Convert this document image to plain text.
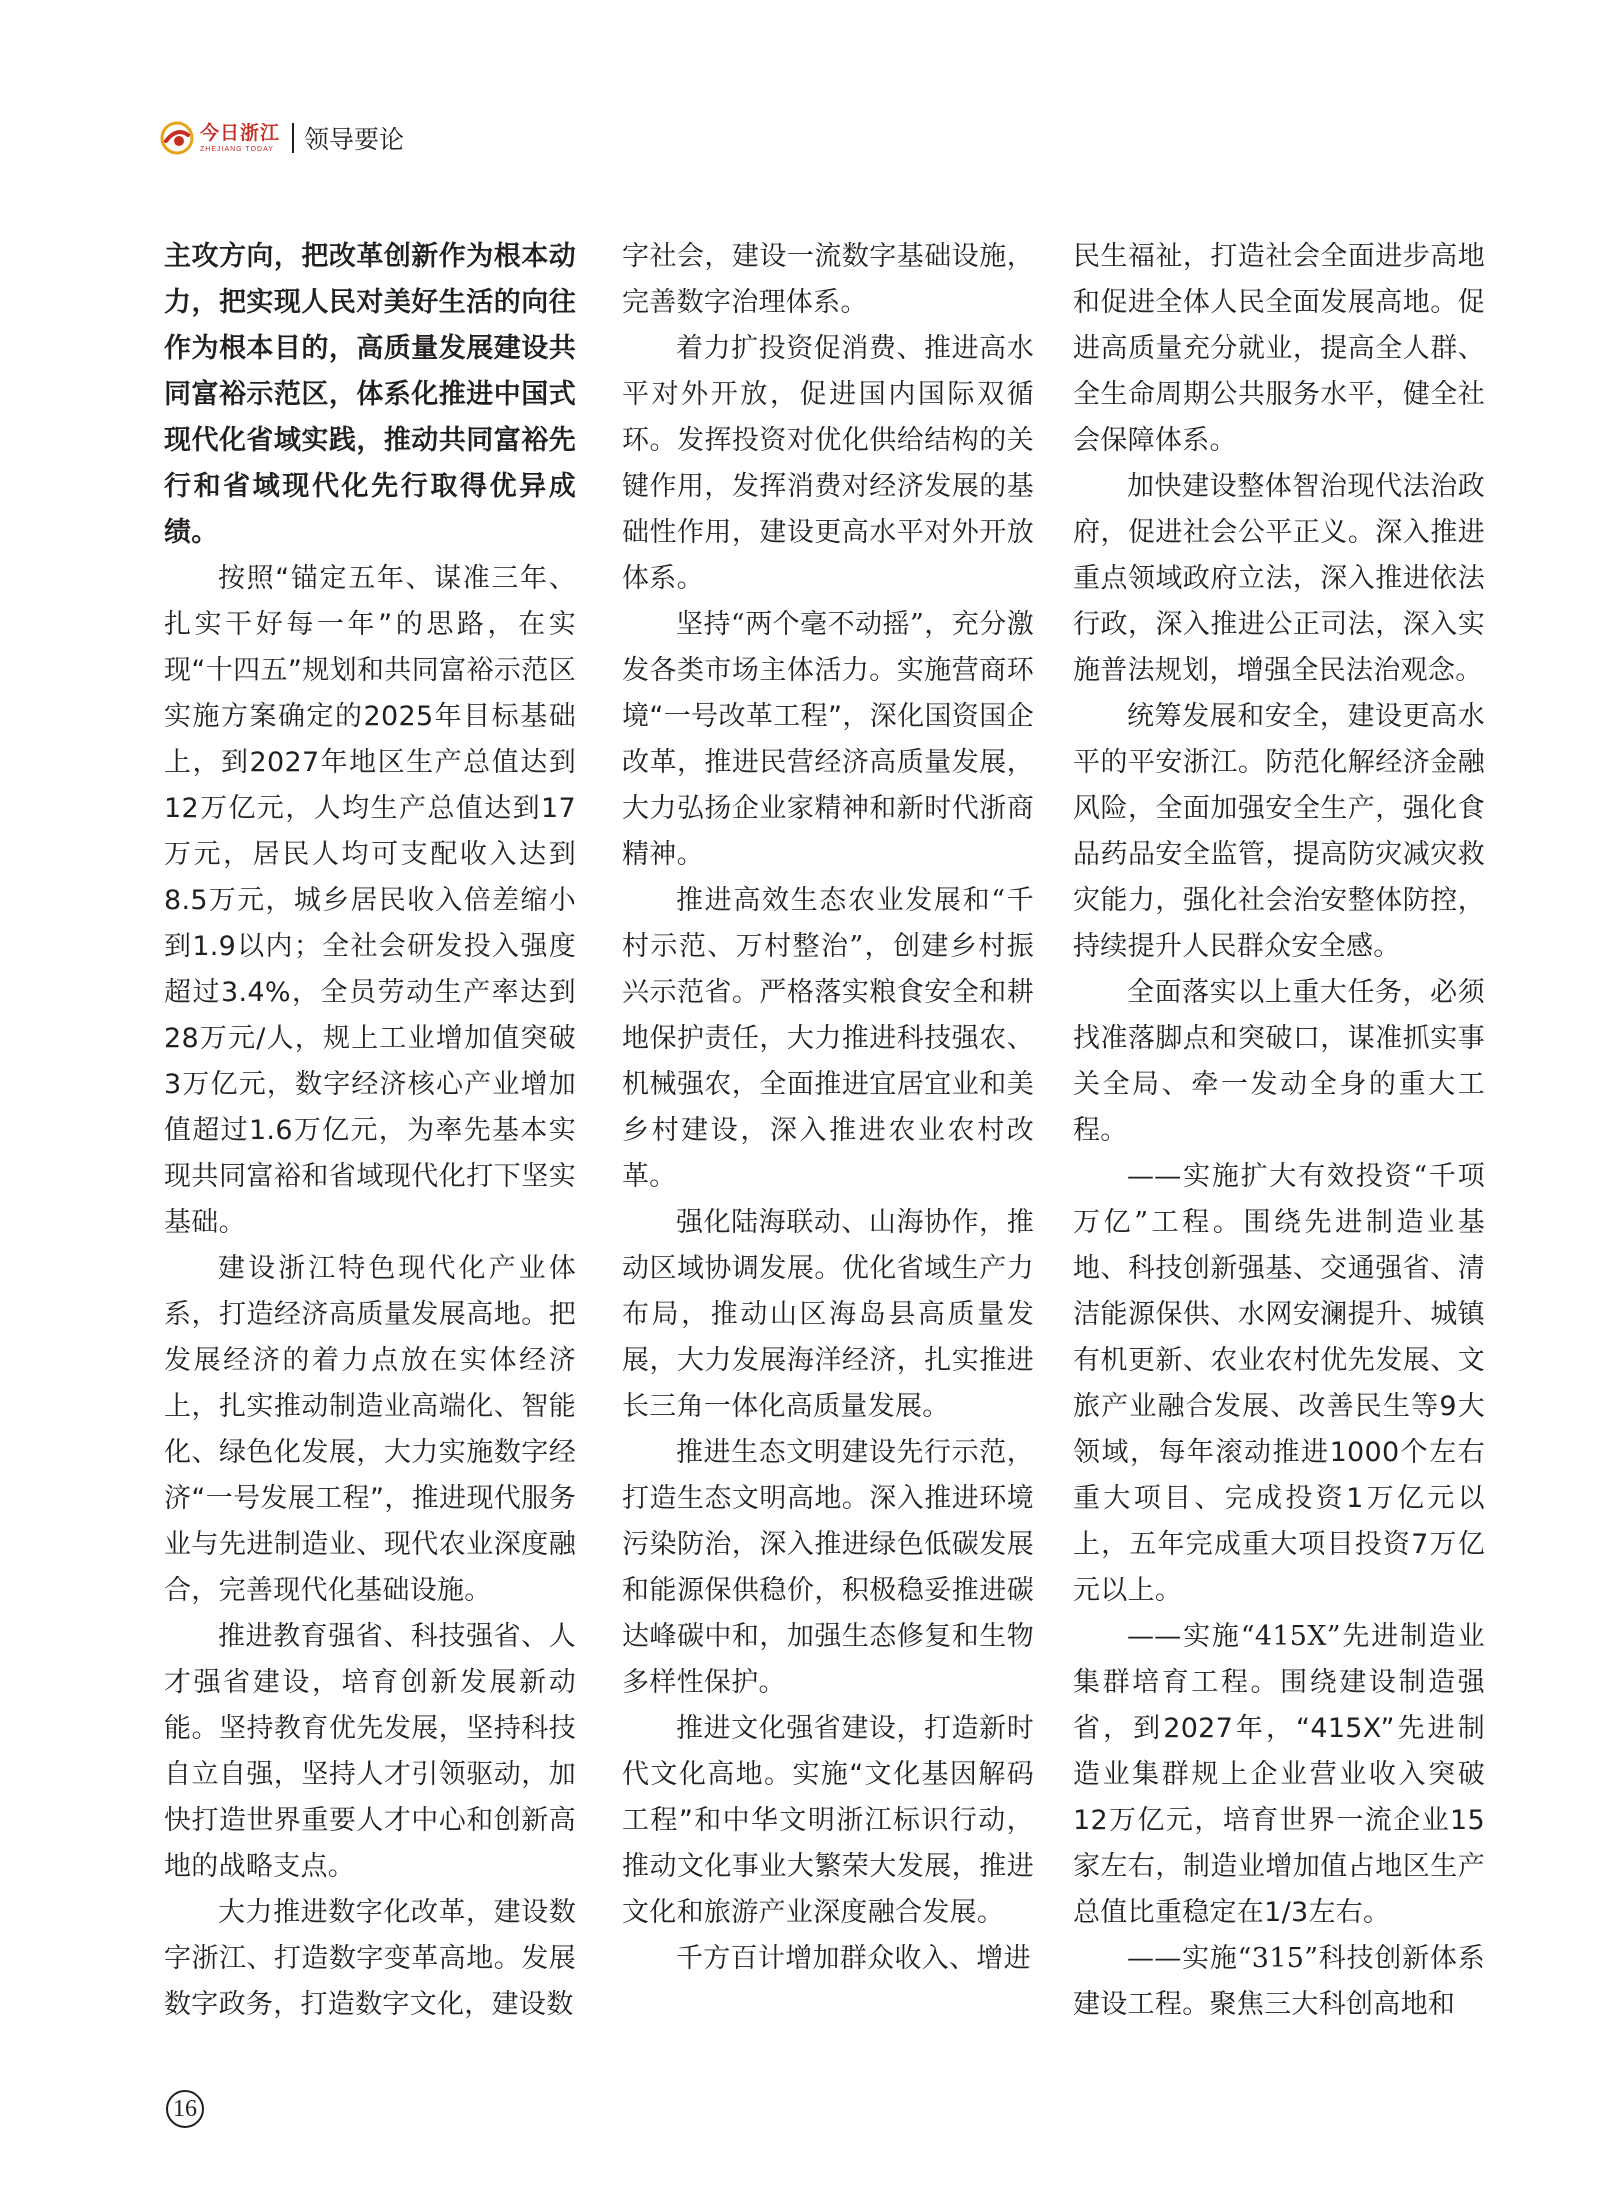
今日浙江
ZHEJIANG TODAY 领导要论

主攻方向，把改革创新作为根本动力，把实现人民对美好生活的向往作为根本目的，高质量发展建设共同富裕示范区，体系化推进中国式现代化省域实践，推动共同富裕先行和省域现代化先行取得优异成绩。

按照“锚定五年、谋准三年、扎实干好每一年”的思路，在实现“十四五”规划和共同富裕示范区实施方案确定的2025年目标基础上，到2027年地区生产总值达到12万亿元，人均生产总值达到17万元，居民人均可支配收入达到8.5万元，城乡居民收入倍差缩小到1.9以内；全社会研发投入强度超过3.4%，全员劳动生产率达到28万元/人，规上工业增加值突破3万亿元，数字经济核心产业增加值超过1.6万亿元，为率先基本实现共同富裕和省域现代化打下坚实基础。

建设浙江特色现代化产业体系，打造经济高质量发展高地。把发展经济的着力点放在实体经济上，扎实推动制造业高端化、智能化、绿色化发展，大力实施数字经济“一号发展工程”，推进现代服务业与先进制造业、现代农业深度融合，完善现代化基础设施。

推进教育强省、科技强省、人才强省建设，培育创新发展新动能。坚持教育优先发展，坚持科技自立自强，坚持人才引领驱动，加快打造世界重要人才中心和创新高地的战略支点。

大力推进数字化改革，建设数字浙江、打造数字变革高地。发展数字政务，打造数字文化，建设数

字社会，建设一流数字基础设施，完善数字治理体系。

着力扩投资促消费、推进高水平对外开放，促进国内国际双循环。发挥投资对优化供给结构的关键作用，发挥消费对经济发展的基础性作用，建设更高水平对外开放体系。

坚持“两个毫不动摇”，充分激发各类市场主体活力。实施营商环境“一号改革工程”，深化国资国企改革，推进民营经济高质量发展，大力弘扬企业家精神和新时代浙商精神。

推进高效生态农业发展和“千村示范、万村整治”，创建乡村振兴示范省。严格落实粮食安全和耕地保护责任，大力推进科技强农、机械强农，全面推进宜居宜业和美乡村建设，深入推进农业农村改革。

强化陆海联动、山海协作，推动区域协调发展。优化省域生产力布局，推动山区海岛县高质量发展，大力发展海洋经济，扎实推进长三角一体化高质量发展。

推进生态文明建设先行示范，打造生态文明高地。深入推进环境污染防治，深入推进绿色低碳发展和能源保供稳价，积极稳妥推进碳达峰碳中和，加强生态修复和生物多样性保护。

推进文化强省建设，打造新时代文化高地。实施“文化基因解码工程”和中华文明浙江标识行动，推动文化事业大繁荣大发展，推进文化和旅游产业深度融合发展。

千方百计增加群众收入、增进

民生福祉，打造社会全面进步高地和促进全体人民全面发展高地。促进高质量充分就业，提高全人群、全生命周期公共服务水平，健全社会保障体系。

加快建设整体智治现代法治政府，促进社会公平正义。深入推进重点领域政府立法，深入推进依法行政，深入推进公正司法，深入实施普法规划，增强全民法治观念。

统筹发展和安全，建设更高水平的平安浙江。防范化解经济金融风险，全面加强安全生产，强化食品药品安全监管，提高防灾减灾救灾能力，强化社会治安整体防控，持续提升人民群众安全感。

全面落实以上重大任务，必须找准落脚点和突破口，谋准抓实事关全局、牵一发动全身的重大工程。

——实施扩大有效投资“千项万亿”工程。围绕先进制造业基地、科技创新强基、交通强省、清洁能源保供、水网安澜提升、城镇有机更新、农业农村优先发展、文旅产业融合发展、改善民生等9大领域，每年滚动推进1000个左右重大项目、完成投资1万亿元以上，五年完成重大项目投资7万亿元以上。

——实施“415X”先进制造业集群培育工程。围绕建设制造强省，到2027年，“415X”先进制造业集群规上企业营业收入突破12万亿元，培育世界一流企业15家左右，制造业增加值占地区生产总值比重稳定在1/3左右。

——实施“315”科技创新体系建设工程。聚焦三大科创高地和

16
